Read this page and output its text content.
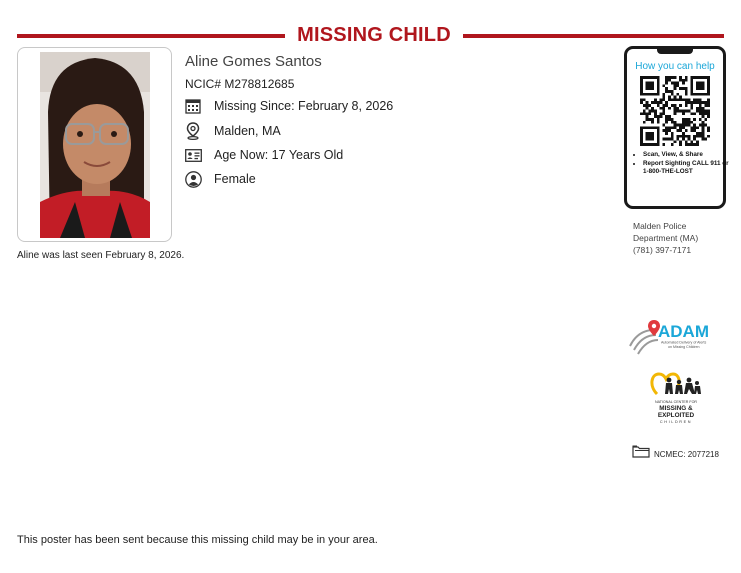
MISSING CHILD
Aline Gomes Santos
NCIC# M278812685
Missing Since: February 8, 2026
Malden, MA
Age Now: 17 Years Old
Female
Aline was last seen February 8, 2026.
How you can help
• Scan, View, & Share
• Report Sighting CALL 911 or 1-800-THE-LOST
Malden Police
Department (MA)
(781) 397-7171
ADAM
Automated Delivery of Alerts
on Missing Children
NATIONAL CENTER FOR
MISSING &
EXPLOITED
CHILDREN
NCMEC: 2077218
This poster has been sent because this missing child may be in your area.
